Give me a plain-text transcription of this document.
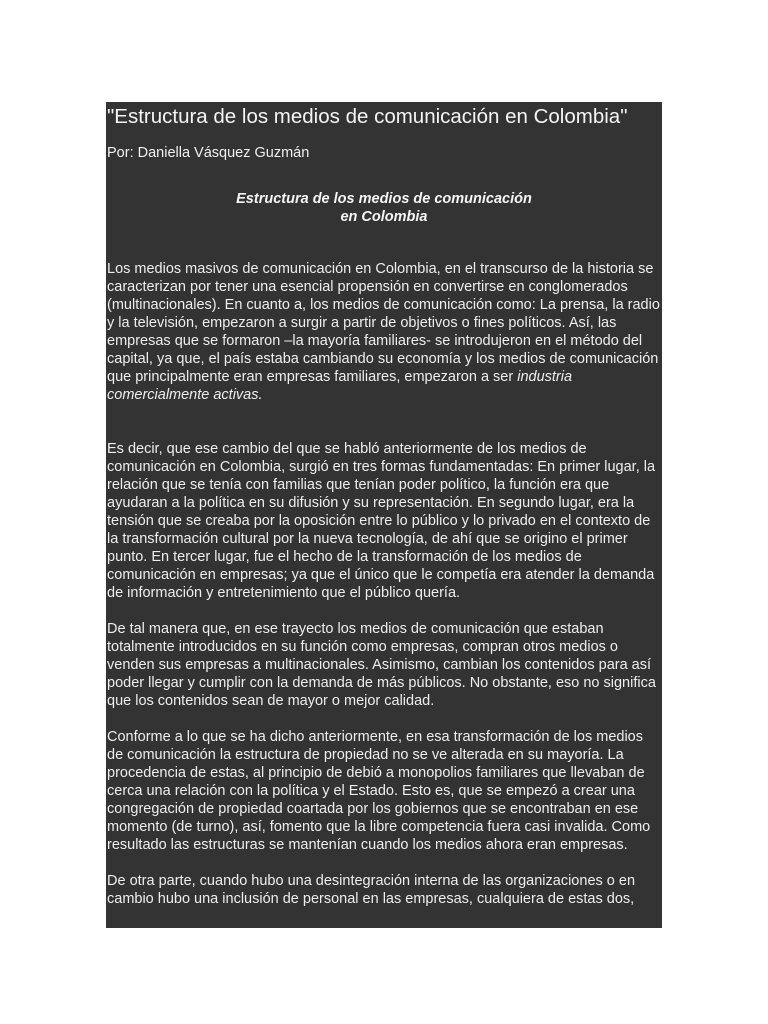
"Estructura de los medios de comunicación en Colombia"

Por: Daniella Vásquez Guzmán

Estructura de los medios de comunicación
en Colombia

Los medios masivos de comunicación en Colombia, en el transcurso de la historia se caracterizan por tener una esencial propensión en convertirse en conglomerados (multinacionales). En cuanto a, los medios de comunicación como: La prensa, la radio y la televisión, empezaron a surgir a partir de objetivos o fines políticos. Así, las empresas que se formaron –la mayoría familiares- se introdujeron en el método del capital, ya que, el país estaba cambiando su economía y los medios de comunicación que principalmente eran empresas familiares, empezaron a ser industria comercialmente activas.

Es decir, que ese cambio del que se habló anteriormente de los medios de comunicación en Colombia, surgió en tres formas fundamentadas: En primer lugar, la relación que se tenía con familias que tenían poder político, la función era que ayudaran a la política en su difusión y su representación. En segundo lugar, era la tensión que se creaba por la oposición entre lo público y lo privado en el contexto de la transformación cultural por la nueva tecnología, de ahí que se origino el primer punto. En tercer lugar, fue el hecho de la transformación de los medios de comunicación en empresas; ya que el único que le competía era atender la demanda de información y entretenimiento que el público quería.

De tal manera que, en ese trayecto los medios de comunicación que estaban totalmente introducidos en su función como empresas, compran otros medios o venden sus empresas a multinacionales. Asimismo, cambian los contenidos para así poder llegar y cumplir con la demanda de más públicos. No obstante, eso no significa que los contenidos sean de mayor o mejor calidad.

Conforme a lo que se ha dicho anteriormente, en esa transformación de los medios de comunicación la estructura de propiedad no se ve alterada en su mayoría. La procedencia de estas, al principio de debió a monopolios familiares que llevaban de cerca una relación con la política y el Estado. Esto es, que se empezó a crear una congregación de propiedad coartada por los gobiernos que se encontraban en ese momento (de turno), así, fomento que la libre competencia fuera casi invalida. Como resultado las estructuras se mantenían cuando los medios ahora eran empresas.

De otra parte, cuando hubo una desintegración interna de las organizaciones o en cambio hubo una inclusión de personal en las empresas, cualquiera de estas dos,
